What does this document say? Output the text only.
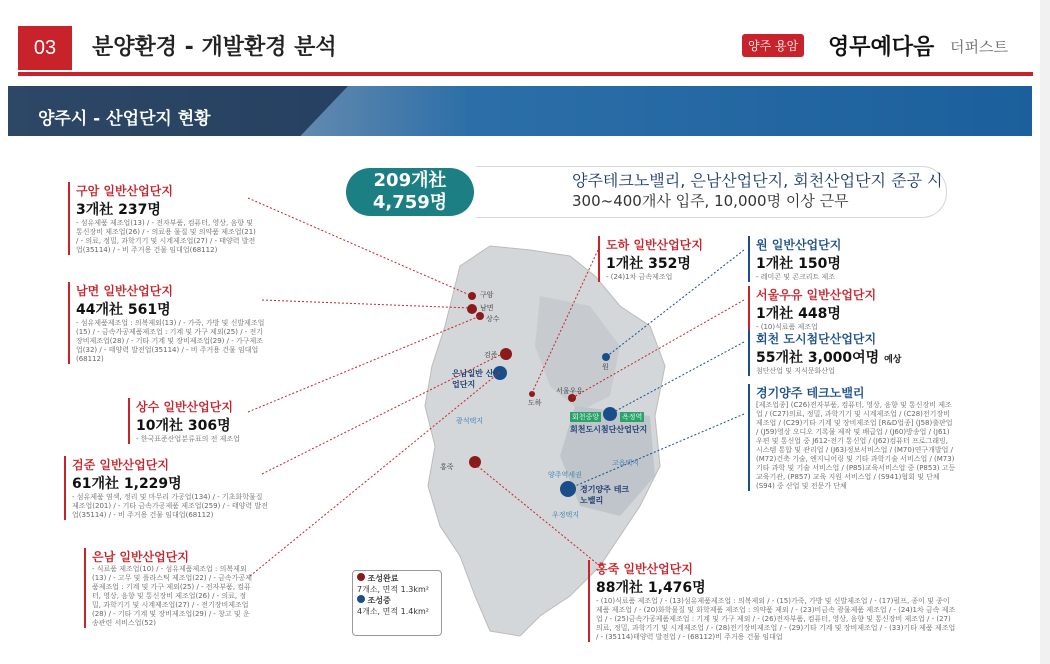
03	분양환경 - 개발환경 분석	양주 용암 영무예다음 더퍼스트
양주시 - 산업단지 현황
209개社
4,759명
양주테크노밸리, 은남산업단지, 회천산업단지 준공 시
300~400개사 입주, 10,000명 이상 근무
구암
남면
상수
검준
은남일반 산업단지
도하
서울우유
원
회천도시첨단산업단지
홍죽
경기양주 테크노밸리
회천중앙	옥정역
고읍택지
양주역세권
우정택지
광석택지
구암 일반산업단지
3개社 237명
- 섬유제품 제조업(13) / - 전자부품, 컴퓨터, 영상, 음향 및 통신장비 제조업(26) / - 의료용 물질 및 의약품 제조업(21) / - 의료, 정밀, 과학기기 및 시계제조업(27) / - 태양력 발전업(35114) / - 비 주거용 건물 임대업(68112)
남면 일반산업단지
44개社 561명
- 섬유제품제조업 : 의복제외(13) / - 가죽, 가방 및 신발제조업(15) / - 금속가공제품제조업 : 기계 및 가구 제외(25) / - 전기장비제조업(28) / - 기타 기계 및 장비제조업(29) / - 가구제조업(32) / - 태양력 발전업(35114) / - 비 주거용 건물 임대업(68112)
상수 일반산업단지
10개社 306명
- 한국표준산업분류표의 전 제조업
검준 일반산업단지
61개社 1,229명
- 섬유제품 염색, 정리 및 마무리 가공업(134) / - 기초화학물질 제조업(201) / - 기타 금속가공제품 제조업(259) / - 태양력 발전업(35114) / - 비 주거용 건물 임대업(68112)
은남 일반산업단지
- 식료품 제조업(10) / - 섬유제품제조업 : 의복제외(13) / - 고무 및 플라스틱 제조업(22) / - 금속가공제품제조업 : 기계 및 가구 제외(25) / - 전자부품, 컴퓨터, 영상, 음향 및 통신장비 제조업(26) / - 의료, 정밀, 과학기기 및 시계제조업(27) / - 전기장비제조업(28) / - 기타 기계 및 장비제조업(29) / - 창고 및 운송관련 서비스업(52)
도하 일반산업단지
1개社 352명
- (24)1차 금속제조업
원 일반산업단지
1개社 150명
- 레미콘 및 콘크리트 제조
서울우유 일반산업단지
1개社 448명
- (10)식료품 제조업
회천 도시첨단산업단지
55개社 3,000여명 예상
첨단산업 및 지식문화산업
경기양주 테크노밸리
[제조업종] (C26)전자부품, 컴퓨터, 영상, 음향 및 통신장비 제조업 / (C27)의료, 정밀, 과학기기 및 시계제조업 / (C28)전기장비제조업 / (C29)기타 기계 및 장비제조업 [R&D업종] (J58)출판업 / (J59)영상 오디오 기록물 제작 및 배급업 / (J60)방송업 / (J61)우편 및 통신업 중 J612-전기 통신업 / (J62)컴퓨터 프로그래밍, 시스템 통합 및 관리업 / (J63)정보서비스업 / (M70)연구개발업 / (M72)건축 기술, 엔지니어링 및 기타 과학기술 서비스업 / (M73)기타 과학 및 기술 서비스업 / (P85)교육서비스업 중 (P853) 고등 교육기관, (P857) 교육 지원 서비스업 / (S941)협회 및 단체(S94) 중 산업 및 전문가 단체
홍죽 일반산업단지
88개社 1,476명
- (10)식료품 제조업 / - (13)섬유제품제조업 : 의복제외 / - (15)가죽, 가방 및 신발제조업 / - (17)펄프, 종이 및 종이제품 제조업 / - (20)화학물질 및 화학제품 제조업 : 의약품 제외 / - (23)비금속 광물제품 제조업 / - (24)1차 금속 제조업 / - (25)금속가공제품제조업 : 기계 및 가구 제외 / - (26)전자부품, 컴퓨터, 영상, 음향 및 통신장비 제조업 / - (27)의료, 정밀, 과학기기 및 시계제조업 / - (28)전기장비제조업 / - (29)기타 기계 및 장비제조업 / - (33)기타 제품 제조업 / - (35114)태양력 발전업 / - (68112)비 주거용 건물 임대업
조성완료
7개소, 면적 1.3km²
조성중
4개소, 면적 1.4km²
